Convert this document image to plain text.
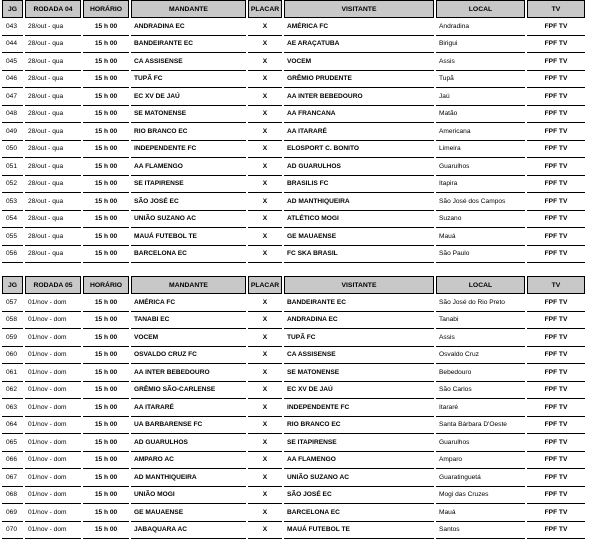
JG	RODADA 04	HORÁRIO	MANDANTE	PLACAR	VISITANTE	LOCAL	TV
043	28/out - qua	15 h 00	ANDRADINA EC	X	AMÉRICA FC	Andradina	FPF TV
044	28/out - qua	15 h 00	BANDEIRANTE EC	X	AE ARAÇATUBA	Birigui	FPF TV
045	28/out - qua	15 h 00	CA ASSISENSE	X	VOCEM	Assis	FPF TV
046	28/out - qua	15 h 00	TUPÃ FC	X	GRÊMIO PRUDENTE	Tupã	FPF TV
047	28/out - qua	15 h 00	EC XV DE JAÚ	X	AA INTER BEBEDOURO	Jaú	FPF TV
048	28/out - qua	15 h 00	SE MATONENSE	X	AA FRANCANA	Matão	FPF TV
049	28/out - qua	15 h 00	RIO BRANCO EC	X	AA ITARARÉ	Americana	FPF TV
050	28/out - qua	15 h 00	INDEPENDENTE FC	X	ELOSPORT C. BONITO	Limeira	FPF TV
051	28/out - qua	15 h 00	AA FLAMENGO	X	AD GUARULHOS	Guarulhos	FPF TV
052	28/out - qua	15 h 00	SE ITAPIRENSE	X	BRASILIS FC	Itapira	FPF TV
053	28/out - qua	15 h 00	SÃO JOSÉ EC	X	AD MANTHIQUEIRA	São José dos Campos	FPF TV
054	28/out - qua	15 h 00	UNIÃO SUZANO AC	X	ATLÉTICO MOGI	Suzano	FPF TV
055	28/out - qua	15 h 00	MAUÁ FUTEBOL TE	X	GE MAUAENSE	Mauá	FPF TV
056	28/out - qua	15 h 00	BARCELONA EC	X	FC SKA BRASIL	São Paulo	FPF TV
JG	RODADA 05	HORÁRIO	MANDANTE	PLACAR	VISITANTE	LOCAL	TV
057	01/nov - dom	15 h 00	AMÉRICA FC	X	BANDEIRANTE EC	São José do Rio Preto	FPF TV
058	01/nov - dom	15 h 00	TANABI EC	X	ANDRADINA EC	Tanabi	FPF TV
059	01/nov - dom	15 h 00	VOCEM	X	TUPÃ FC	Assis	FPF TV
060	01/nov - dom	15 h 00	OSVALDO CRUZ FC	X	CA ASSISENSE	Osvaldo Cruz	FPF TV
061	01/nov - dom	15 h 00	AA INTER BEBEDOURO	X	SE MATONENSE	Bebedouro	FPF TV
062	01/nov - dom	15 h 00	GRÊMIO SÃO-CARLENSE	X	EC XV DE JAÚ	São Carlos	FPF TV
063	01/nov - dom	15 h 00	AA ITARARÉ	X	INDEPENDENTE FC	Itararé	FPF TV
064	01/nov - dom	15 h 00	UA BARBARENSE FC	X	RIO BRANCO EC	Santa Bárbara D'Oeste	FPF TV
065	01/nov - dom	15 h 00	AD GUARULHOS	X	SE ITAPIRENSE	Guarulhos	FPF TV
066	01/nov - dom	15 h 00	AMPARO AC	X	AA FLAMENGO	Amparo	FPF TV
067	01/nov - dom	15 h 00	AD MANTHIQUEIRA	X	UNIÃO SUZANO AC	Guaratinguetá	FPF TV
068	01/nov - dom	15 h 00	UNIÃO MOGI	X	SÃO JOSÉ EC	Mogi das Cruzes	FPF TV
069	01/nov - dom	15 h 00	GE MAUAENSE	X	BARCELONA EC	Mauá	FPF TV
070	01/nov - dom	15 h 00	JABAQUARA AC	X	MAUÁ FUTEBOL TE	Santos	FPF TV
